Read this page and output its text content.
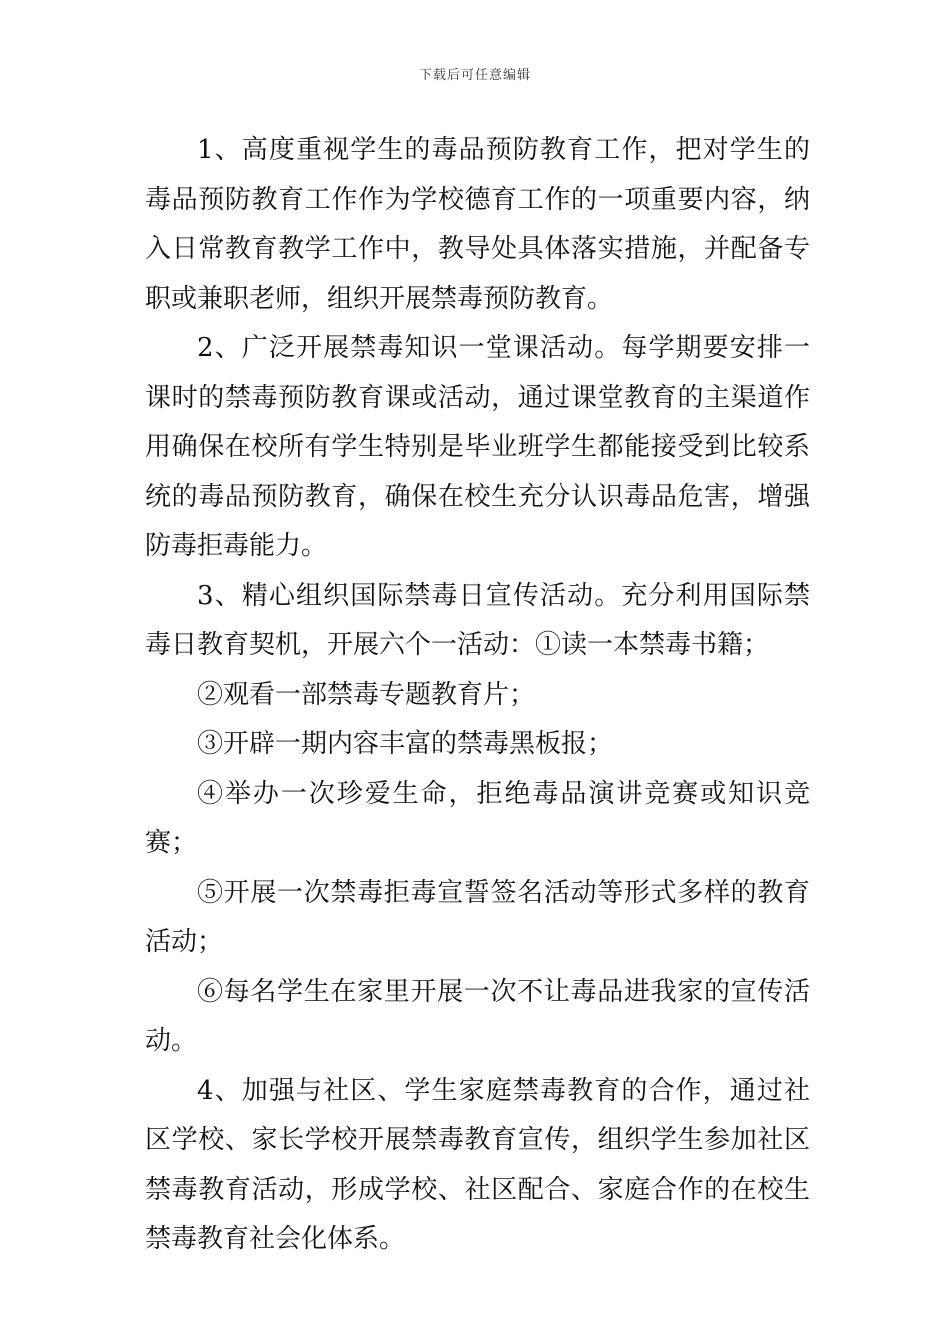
下载后可任意编辑

1、高度重视学生的毒品预防教育工作，把对学生的毒品预防教育工作作为学校德育工作的一项重要内容，纳入日常教育教学工作中，教导处具体落实措施，并配备专职或兼职老师，组织开展禁毒预防教育。

2、广泛开展禁毒知识一堂课活动。每学期要安排一课时的禁毒预防教育课或活动，通过课堂教育的主渠道作用确保在校所有学生特别是毕业班学生都能接受到比较系统的毒品预防教育，确保在校生充分认识毒品危害，增强防毒拒毒能力。

3、精心组织国际禁毒日宣传活动。充分利用国际禁毒日教育契机，开展六个一活动：①读一本禁毒书籍；

②观看一部禁毒专题教育片；

③开辟一期内容丰富的禁毒黑板报；

④举办一次珍爱生命，拒绝毒品演讲竞赛或知识竞赛；

⑤开展一次禁毒拒毒宣誓签名活动等形式多样的教育活动；

⑥每名学生在家里开展一次不让毒品进我家的宣传活动。

4、加强与社区、学生家庭禁毒教育的合作，通过社区学校、家长学校开展禁毒教育宣传，组织学生参加社区禁毒教育活动，形成学校、社区配合、家庭合作的在校生禁毒教育社会化体系。
